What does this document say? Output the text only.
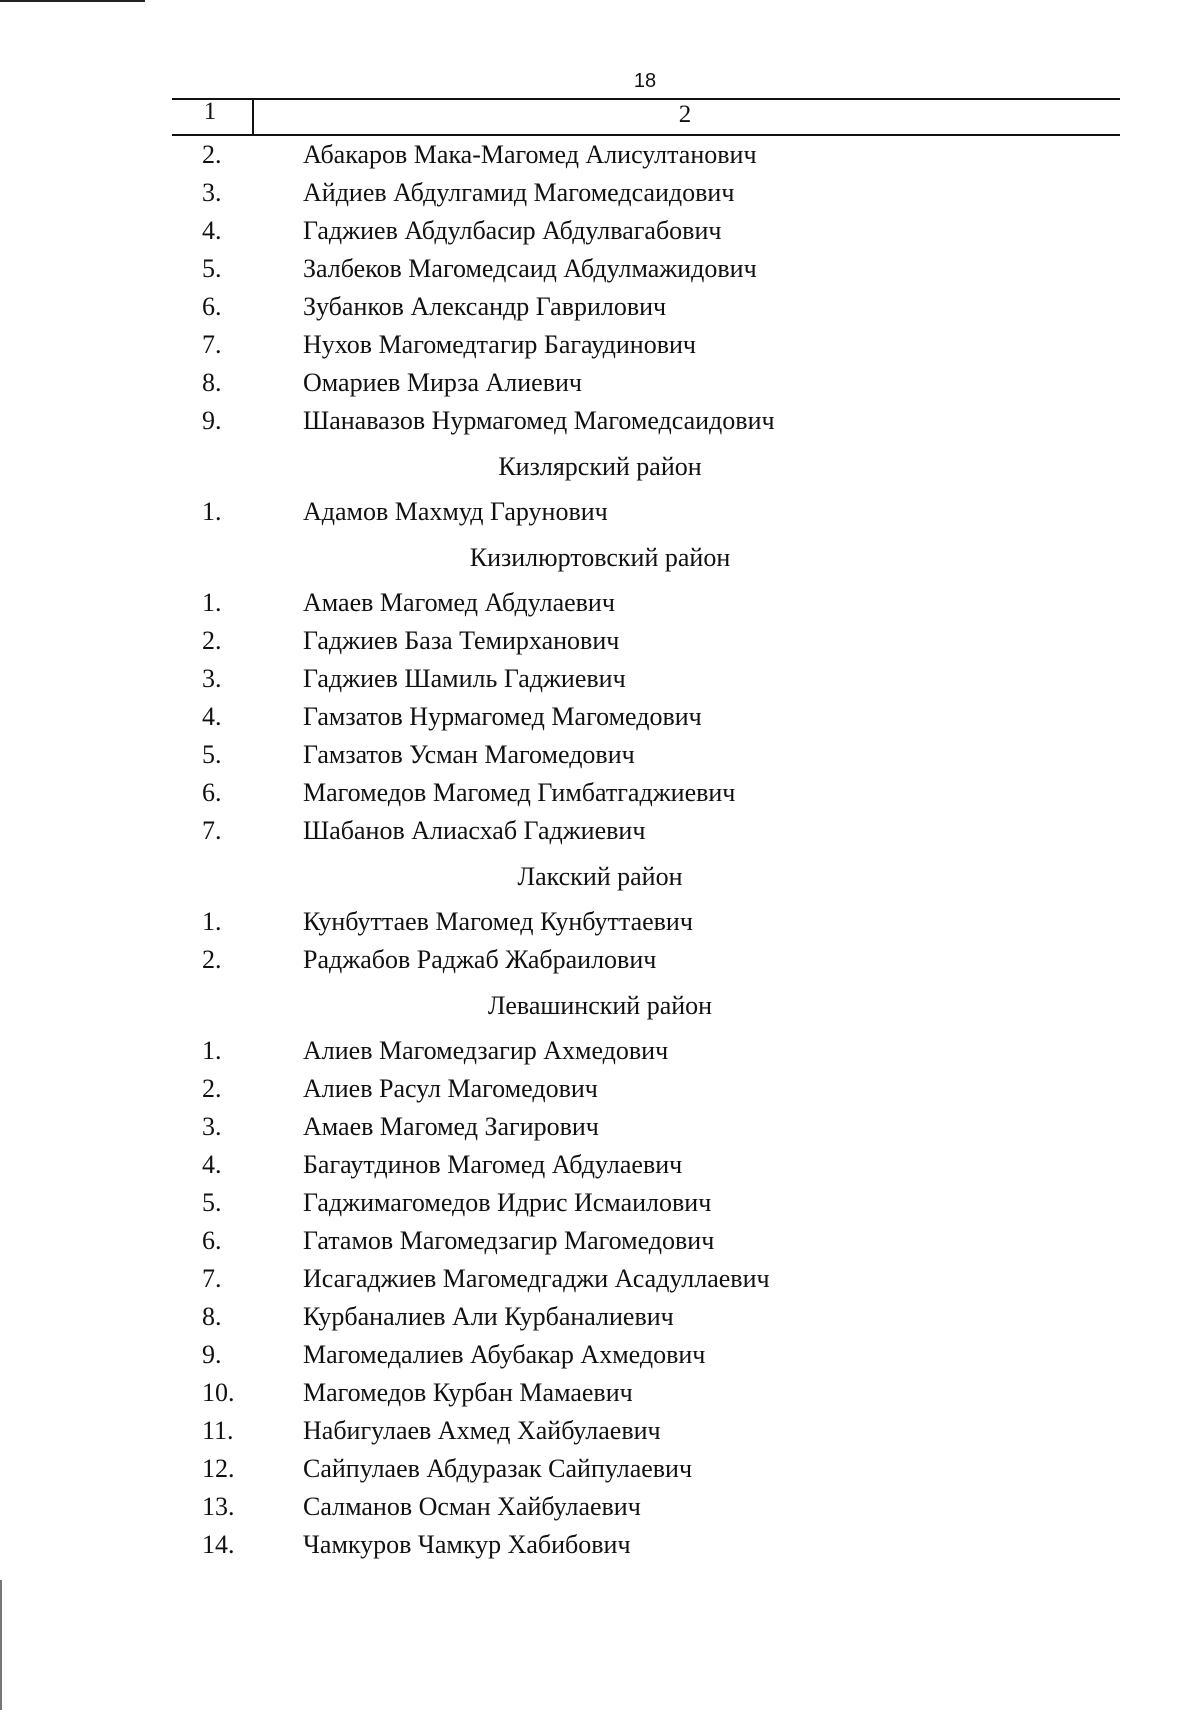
18
1	2
2.	Абакаров Мака-Магомед Алисултанович
3.	Айдиев Абдулгамид Магомедсаидович
4.	Гаджиев Абдулбасир Абдулвагабович
5.	Залбеков Магомедсаид Абдулмажидович
6.	Зубанков Александр Гаврилович
7.	Нухов Магомедтагир Багаудинович
8.	Омариев Мирза Алиевич
9.	Шанавазов Нурмагомед Магомедсаидович
Кизлярский район
1.	Адамов Махмуд Гарунович
Кизилюртовский район
1.	Амаев Магомед Абдулаевич
2.	Гаджиев База Темирханович
3.	Гаджиев Шамиль Гаджиевич
4.	Гамзатов Нурмагомед Магомедович
5.	Гамзатов Усман Магомедович
6.	Магомедов Магомед Гимбатгаджиевич
7.	Шабанов Алиасхаб Гаджиевич
Лакский район
1.	Кунбуттаев Магомед Кунбуттаевич
2.	Раджабов Раджаб Жабраилович
Левашинский район
1.	Алиев Магомедзагир Ахмедович
2.	Алиев Расул Магомедович
3.	Амаев Магомед Загирович
4.	Багаутдинов Магомед Абдулаевич
5.	Гаджимагомедов Идрис Исмаилович
6.	Гатамов Магомедзагир Магомедович
7.	Исагаджиев Магомедгаджи Асадуллаевич
8.	Курбаналиев Али Курбаналиевич
9.	Магомедалиев Абубакар Ахмедович
10.	Магомедов Курбан Мамаевич
11.	Набигулаев Ахмед Хайбулаевич
12.	Сайпулаев Абдуразак Сайпулаевич
13.	Салманов Осман Хайбулаевич
14.	Чамкуров Чамкур Хабибович
